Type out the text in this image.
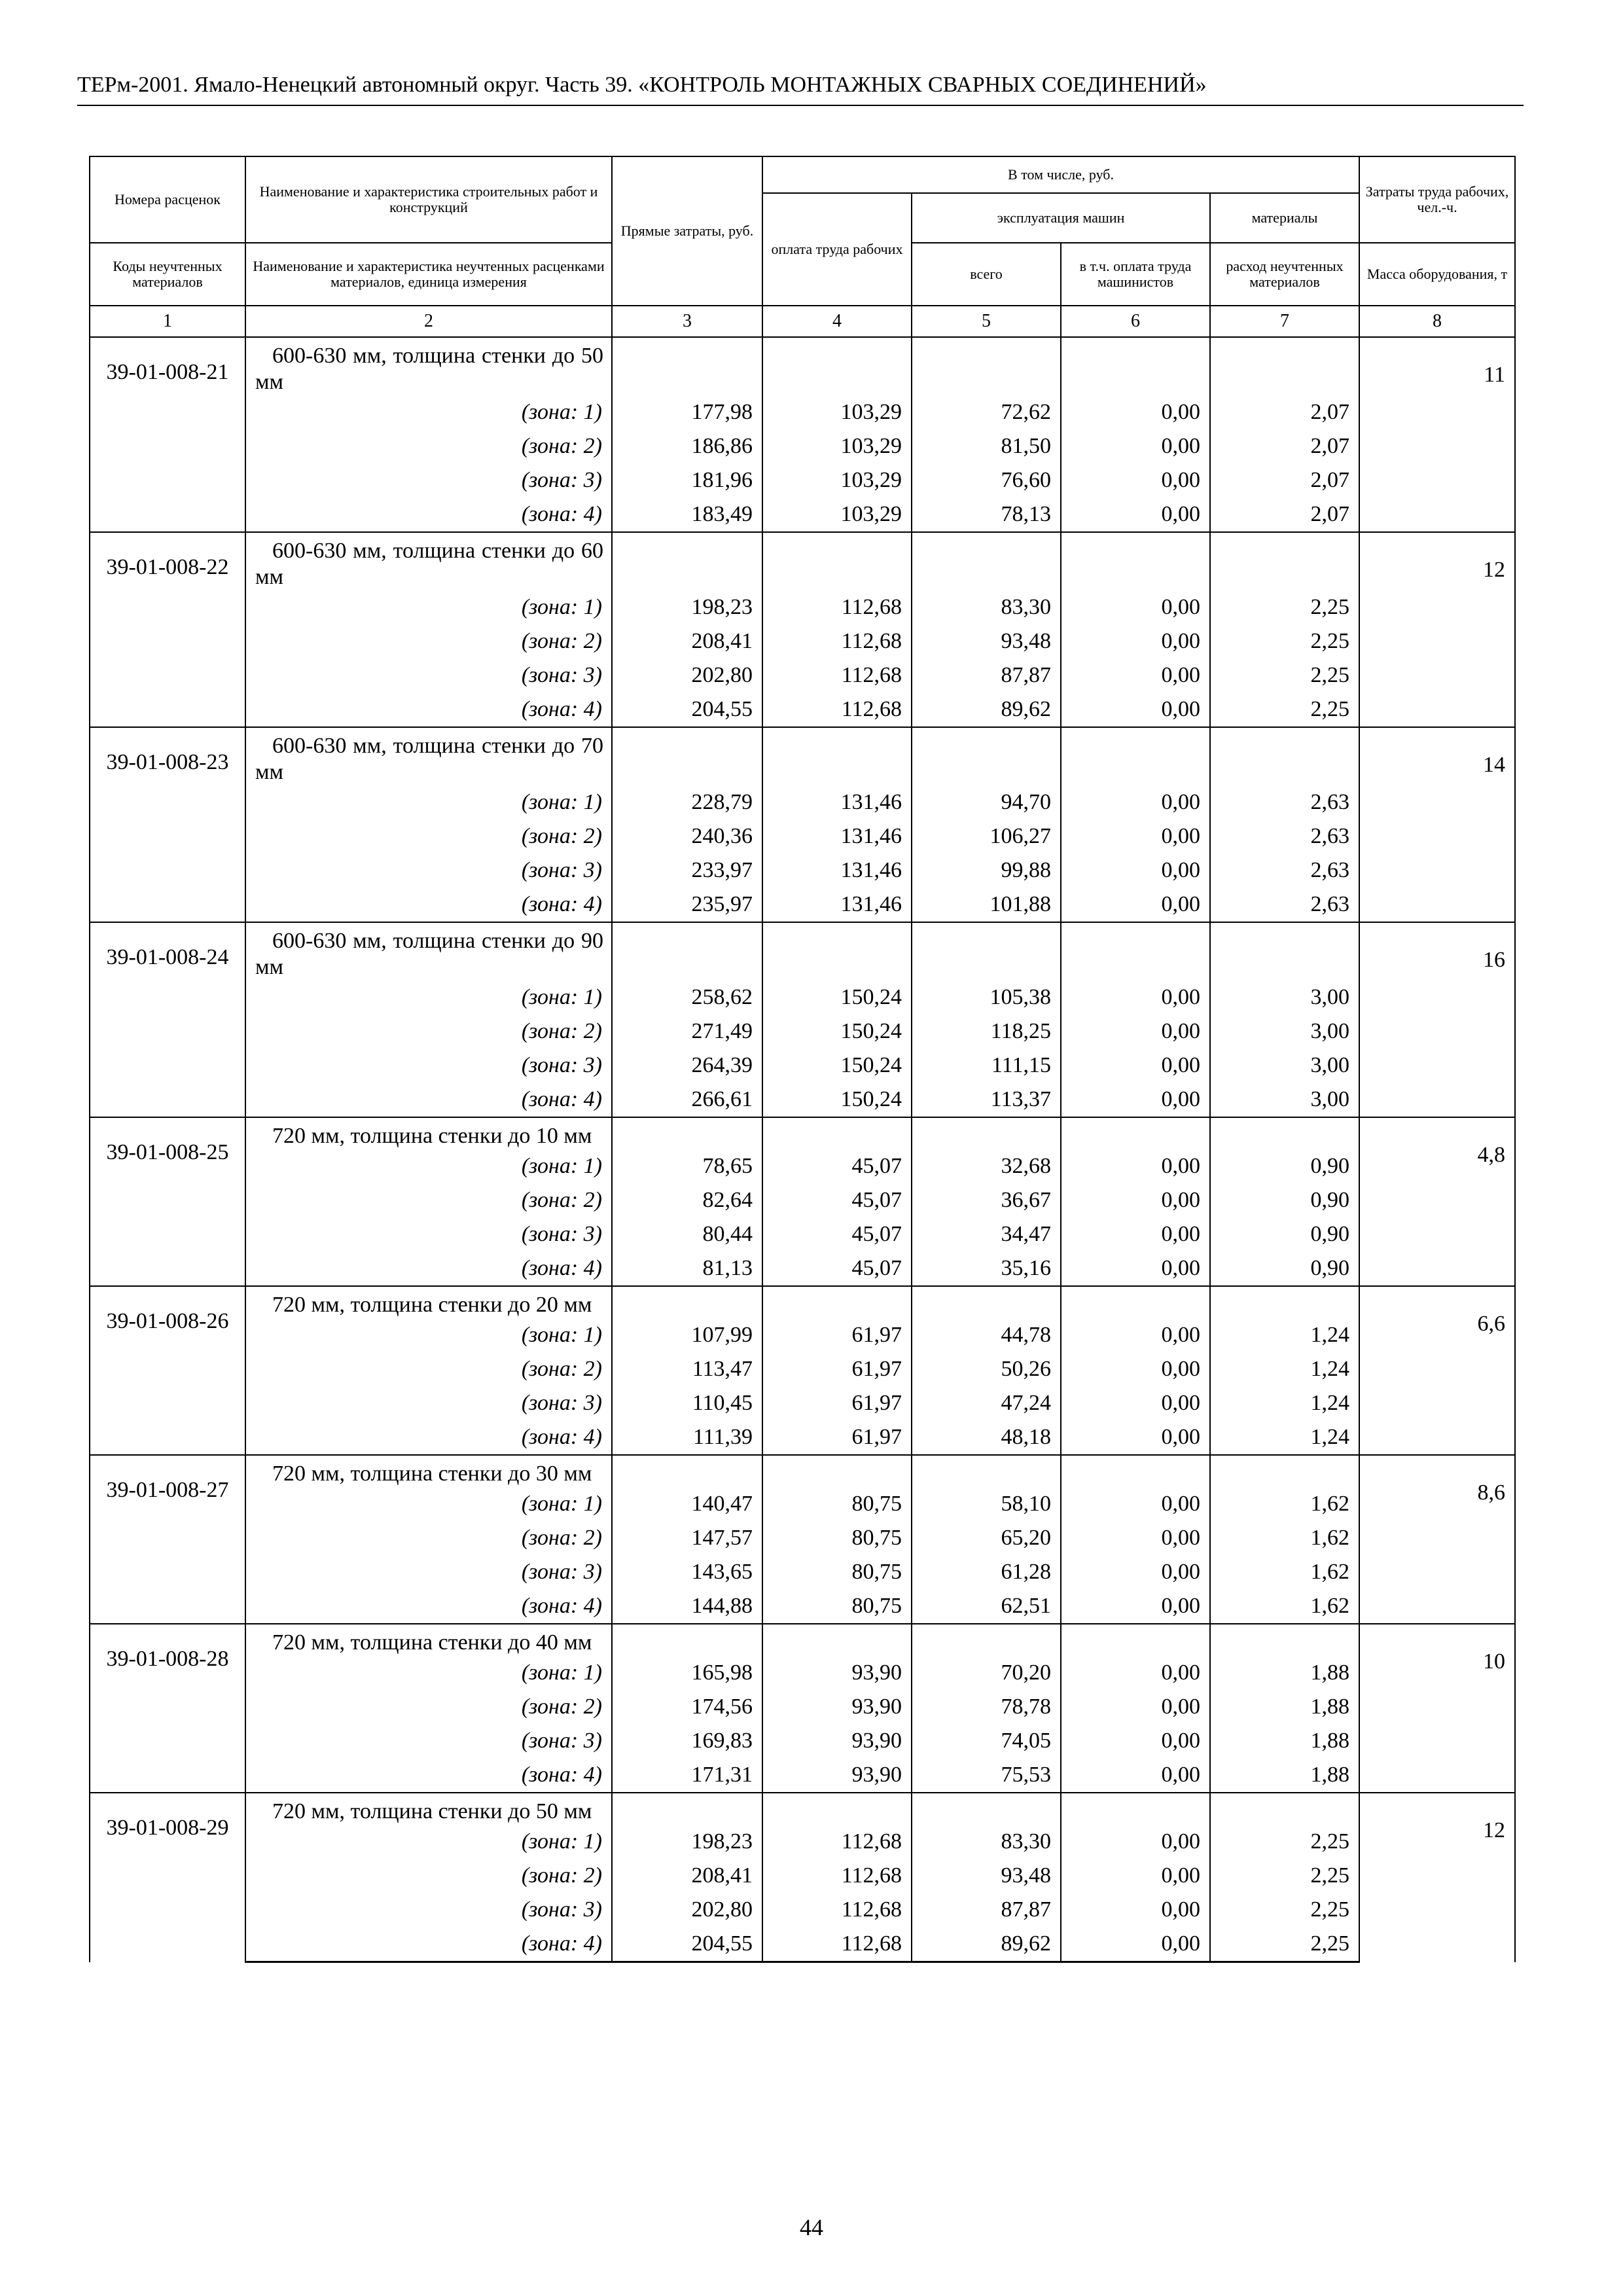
ТЕРм-2001. Ямало-Ненецкий автономный округ. Часть 39. «КОНТРОЛЬ МОНТАЖНЫХ СВАРНЫХ СОЕДИНЕНИЙ»
Номера расценок	Наименование и характеристика строительных работ и конструкций	Прямые затраты, руб.	В том числе, руб.				Затраты труда рабочих, чел.-ч.
			оплата труда рабочих	эксплуатация машин		материалы	
Коды неучтенных материалов	Наименование и характеристика неучтенных расценками материалов, единица измерения			всего	в т.ч. оплата труда машинистов	расход неучтенных материалов	Масса оборудования, т
1	2	3	4	5	6	7	8
39-01-008-21	600-630 мм, толщина стенки до 50 мм						11
	(зона: 1)	177,98	103,29	72,62	0,00	2,07	
	(зона: 2)	186,86	103,29	81,50	0,00	2,07	
	(зона: 3)	181,96	103,29	76,60	0,00	2,07	
	(зона: 4)	183,49	103,29	78,13	0,00	2,07	
39-01-008-22	600-630 мм, толщина стенки до 60 мм						12
	(зона: 1)	198,23	112,68	83,30	0,00	2,25	
	(зона: 2)	208,41	112,68	93,48	0,00	2,25	
	(зона: 3)	202,80	112,68	87,87	0,00	2,25	
	(зона: 4)	204,55	112,68	89,62	0,00	2,25	
39-01-008-23	600-630 мм, толщина стенки до 70 мм						14
	(зона: 1)	228,79	131,46	94,70	0,00	2,63	
	(зона: 2)	240,36	131,46	106,27	0,00	2,63	
	(зона: 3)	233,97	131,46	99,88	0,00	2,63	
	(зона: 4)	235,97	131,46	101,88	0,00	2,63	
39-01-008-24	600-630 мм, толщина стенки до 90 мм						16
	(зона: 1)	258,62	150,24	105,38	0,00	3,00	
	(зона: 2)	271,49	150,24	118,25	0,00	3,00	
	(зона: 3)	264,39	150,24	111,15	0,00	3,00	
	(зона: 4)	266,61	150,24	113,37	0,00	3,00	
39-01-008-25	720 мм, толщина стенки до 10 мм						4,8
	(зона: 1)	78,65	45,07	32,68	0,00	0,90	
	(зона: 2)	82,64	45,07	36,67	0,00	0,90	
	(зона: 3)	80,44	45,07	34,47	0,00	0,90	
	(зона: 4)	81,13	45,07	35,16	0,00	0,90	
39-01-008-26	720 мм, толщина стенки до 20 мм						6,6
	(зона: 1)	107,99	61,97	44,78	0,00	1,24	
	(зона: 2)	113,47	61,97	50,26	0,00	1,24	
	(зона: 3)	110,45	61,97	47,24	0,00	1,24	
	(зона: 4)	111,39	61,97	48,18	0,00	1,24	
39-01-008-27	720 мм, толщина стенки до 30 мм						8,6
	(зона: 1)	140,47	80,75	58,10	0,00	1,62	
	(зона: 2)	147,57	80,75	65,20	0,00	1,62	
	(зона: 3)	143,65	80,75	61,28	0,00	1,62	
	(зона: 4)	144,88	80,75	62,51	0,00	1,62	
39-01-008-28	720 мм, толщина стенки до 40 мм						10
	(зона: 1)	165,98	93,90	70,20	0,00	1,88	
	(зона: 2)	174,56	93,90	78,78	0,00	1,88	
	(зона: 3)	169,83	93,90	74,05	0,00	1,88	
	(зона: 4)	171,31	93,90	75,53	0,00	1,88	
39-01-008-29	720 мм, толщина стенки до 50 мм						12
	(зона: 1)	198,23	112,68	83,30	0,00	2,25	
	(зона: 2)	208,41	112,68	93,48	0,00	2,25	
	(зона: 3)	202,80	112,68	87,87	0,00	2,25	
	(зона: 4)	204,55	112,68	89,62	0,00	2,25	
44
